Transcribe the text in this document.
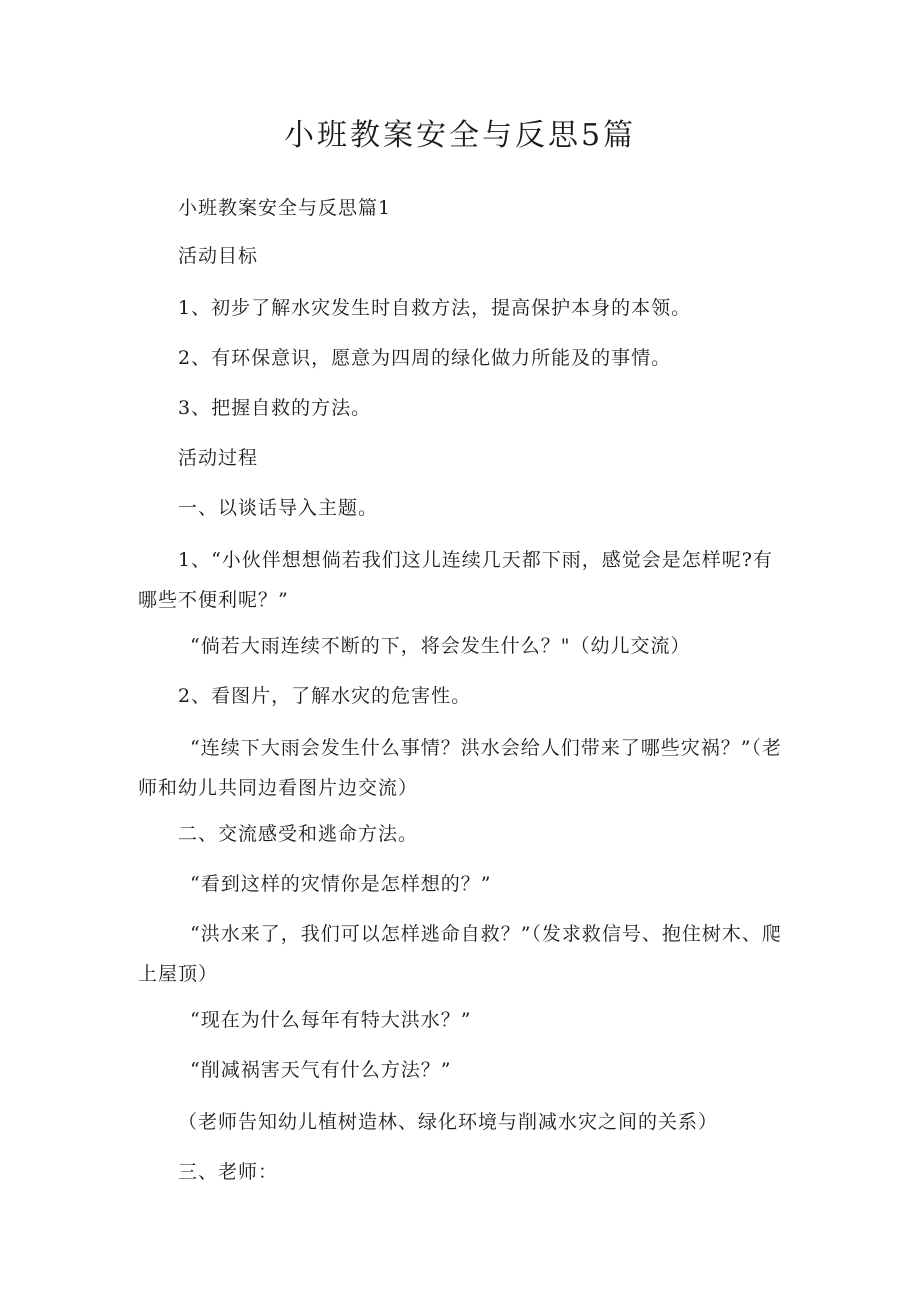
小班教案安全与反思5篇

小班教案安全与反思篇1

活动目标

1、初步了解水灾发生时自救方法，提高保护本身的本领。

2、有环保意识，愿意为四周的绿化做力所能及的事情。

3、把握自救的方法。

活动过程

一、以谈话导入主题。

1、“小伙伴想想倘若我们这儿连续几天都下雨，感觉会是怎样呢?有哪些不便利呢？”

“倘若大雨连续不断的下，将会发生什么？"（幼儿交流）

2、看图片，了解水灾的危害性。

“连续下大雨会发生什么事情？洪水会给人们带来了哪些灾祸？”（老师和幼儿共同边看图片边交流）

二、交流感受和逃命方法。

“看到这样的灾情你是怎样想的？”

“洪水来了，我们可以怎样逃命自救？”（发求救信号、抱住树木、爬上屋顶）

“现在为什么每年有特大洪水？”

“削减祸害天气有什么方法？”

（老师告知幼儿植树造林、绿化环境与削减水灾之间的关系）

三、老师：
